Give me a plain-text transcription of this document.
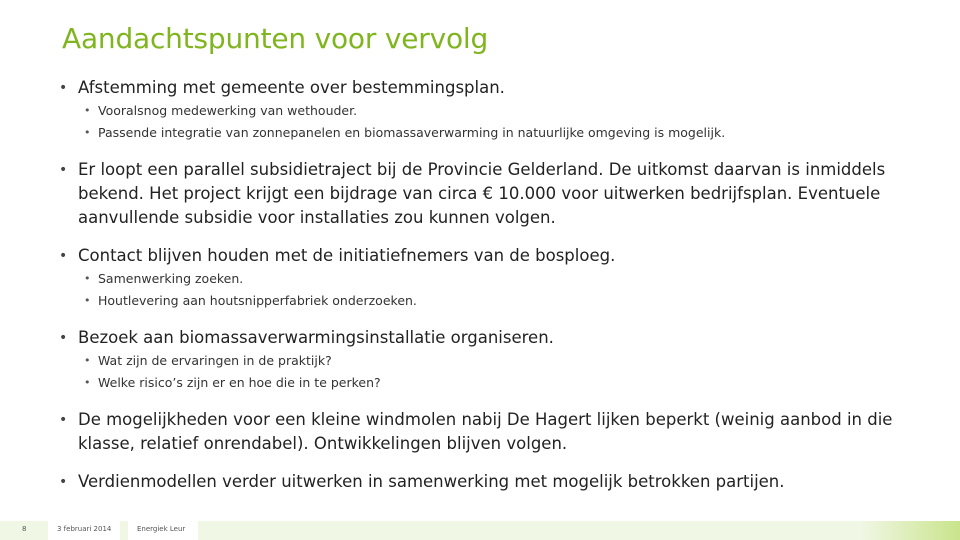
Aandachtspunten voor vervolg
• Afstemming met gemeente over bestemmingsplan.
• Vooralsnog medewerking van wethouder.
• Passende integratie van zonnepanelen en biomassaverwarming in natuurlijke omgeving is mogelijk.
• Er loopt een parallel subsidietraject bij de Provincie Gelderland. De uitkomst daarvan is inmiddels bekend. Het project krijgt een bijdrage van circa € 10.000 voor uitwerken bedrijfsplan. Eventuele aanvullende subsidie voor installaties zou kunnen volgen.
• Contact blijven houden met de initiatiefnemers van de bosploeg.
• Samenwerking zoeken.
• Houtlevering aan houtsnipperfabriek onderzoeken.
• Bezoek aan biomassaverwarmingsinstallatie organiseren.
• Wat zijn de ervaringen in de praktijk?
• Welke risico’s zijn er en hoe die in te perken?
• De mogelijkheden voor een kleine windmolen nabij De Hagert lijken beperkt (weinig aanbod in die klasse, relatief onrendabel). Ontwikkelingen blijven volgen.
• Verdienmodellen verder uitwerken in samenwerking met mogelijk betrokken partijen.
8	3 februari 2014	Energiek Leur
